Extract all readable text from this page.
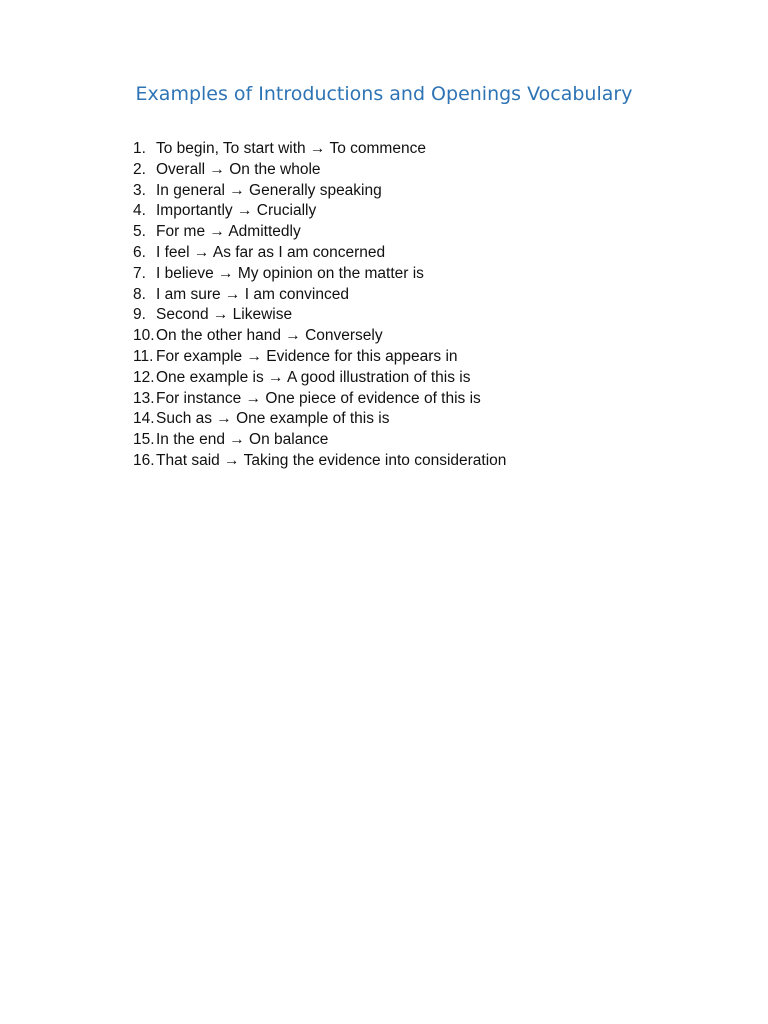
Examples of Introductions and Openings Vocabulary
1. To begin, To start with → To commence
2. Overall → On the whole
3. In general → Generally speaking
4. Importantly → Crucially
5. For me → Admittedly
6. I feel → As far as I am concerned
7. I believe → My opinion on the matter is
8. I am sure → I am convinced
9. Second → Likewise
10.On the other hand → Conversely
11. For example → Evidence for this appears in
12.One example is → A good illustration of this is
13.For instance → One piece of evidence of this is
14.Such as → One example of this is
15.In the end → On balance
16.That said → Taking the evidence into consideration
